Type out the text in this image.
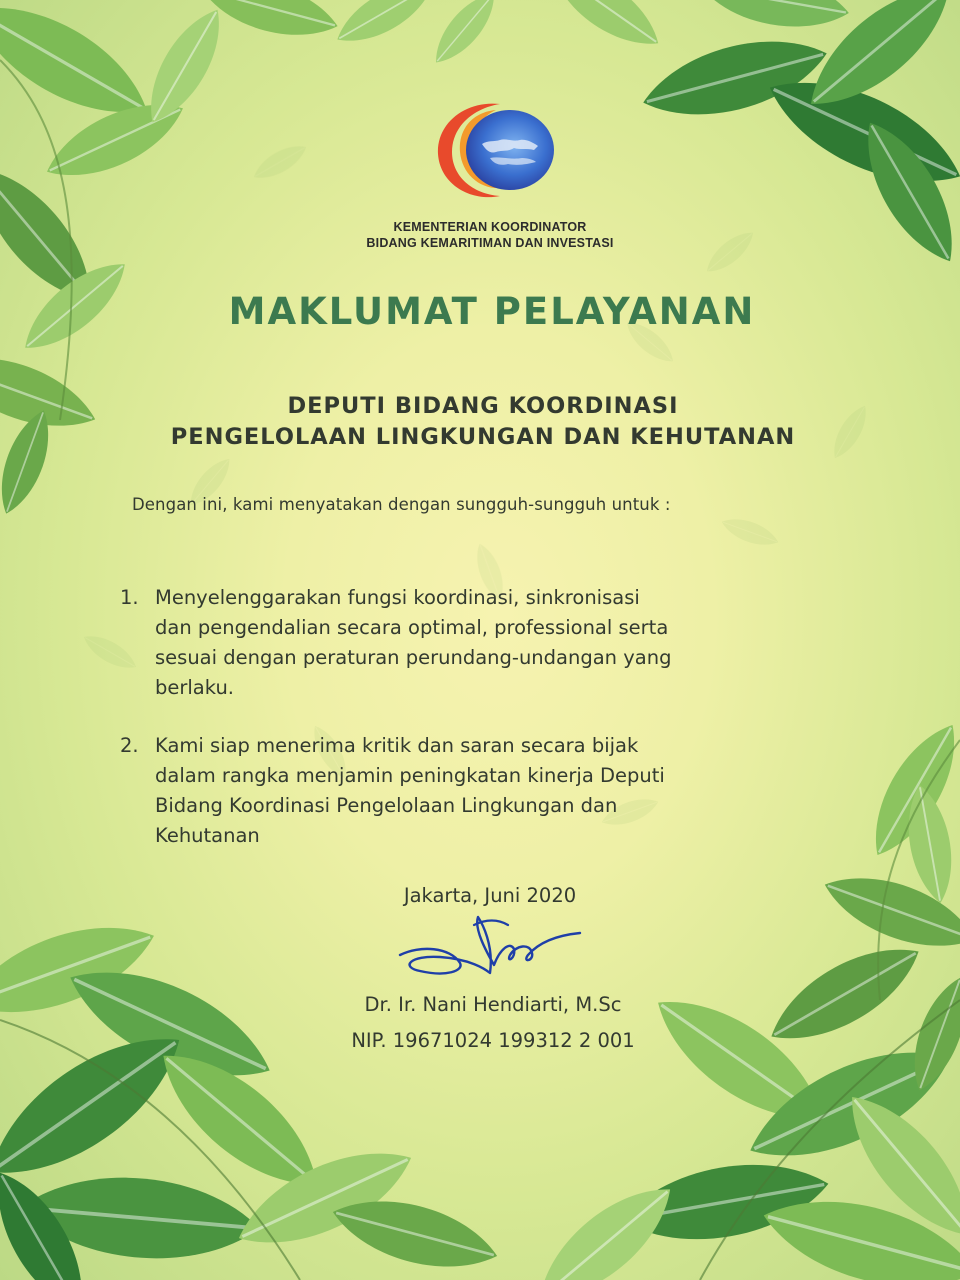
KEMENTERIAN KOORDINATOR
BIDANG KEMARITIMAN DAN INVESTASI
MAKLUMAT PELAYANAN
DEPUTI BIDANG KOORDINASI
PENGELOLAAN LINGKUNGAN DAN KEHUTANAN
Dengan ini, kami menyatakan dengan sungguh-sungguh untuk :
1. Menyelenggarakan fungsi koordinasi, sinkronisasi
dan pengendalian secara optimal, professional serta
sesuai dengan peraturan perundang-undangan yang
berlaku.
2. Kami siap menerima kritik dan saran secara bijak
dalam rangka menjamin peningkatan kinerja Deputi
Bidang Koordinasi Pengelolaan Lingkungan dan
Kehutanan
Jakarta, Juni 2020
Dr. Ir. Nani Hendiarti, M.Sc
NIP. 19671024 199312 2 001
